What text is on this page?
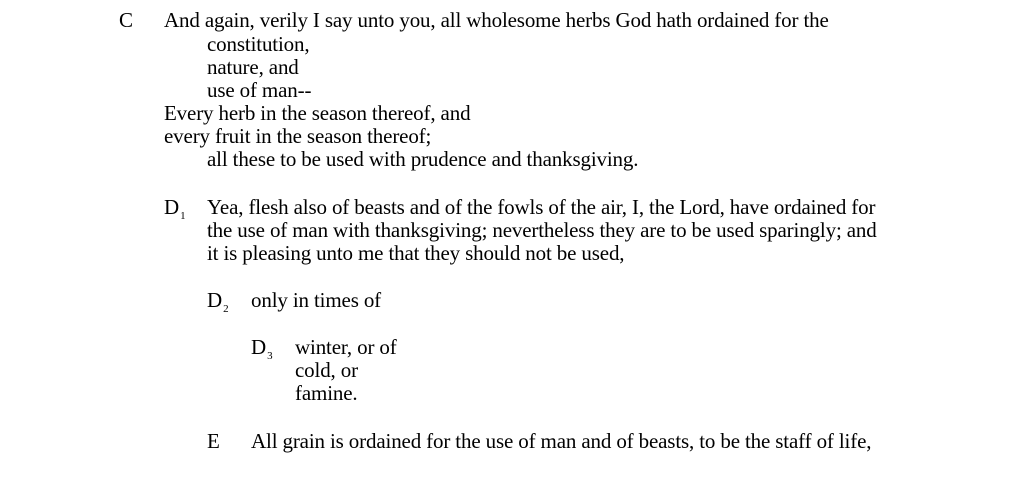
C And again, verily I say unto you, all wholesome herbs God hath ordained for the
constitution,
nature, and
use of man--
Every herb in the season thereof, and
every fruit in the season thereof;
all these to be used with prudence and thanksgiving.
$D_1$ Yea, flesh also of beasts and of the fowls of the air, I, the Lord, have ordained for
the use of man with thanksgiving; nevertheless they are to be used sparingly; and
it is pleasing unto me that they should not be used,
$D_2$ only in times of
$D_3$ winter, or of
cold, or
famine.
E All grain is ordained for the use of man and of beasts, to be the staff of life,
